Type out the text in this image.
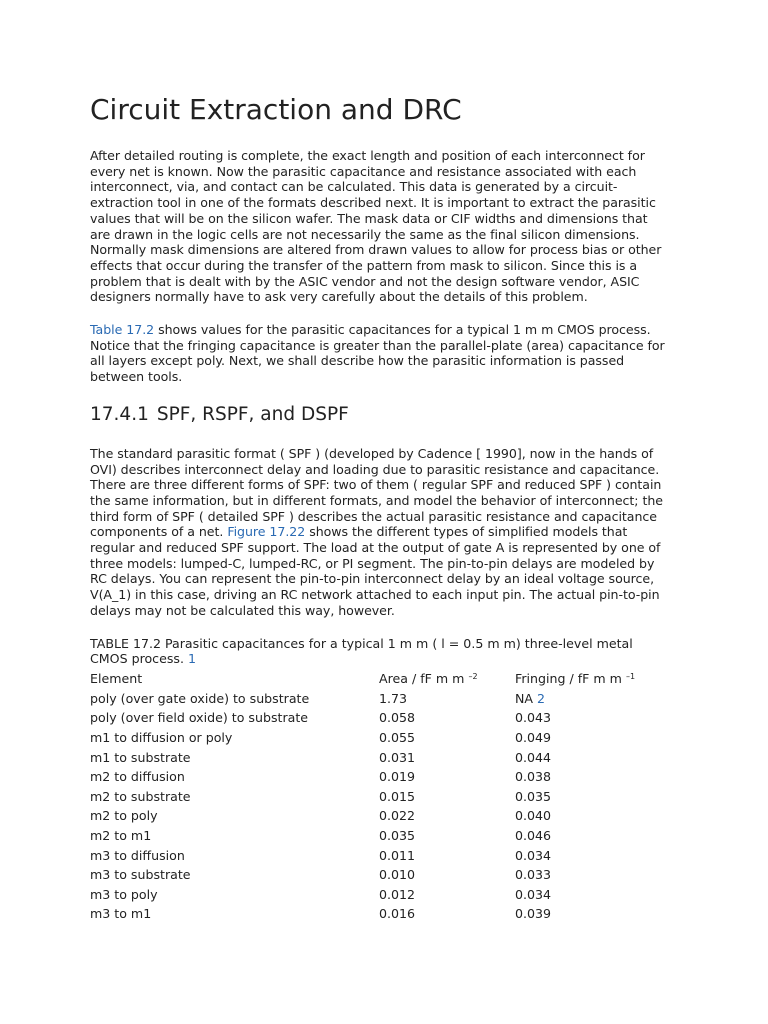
Circuit Extraction and DRC

After detailed routing is complete, the exact length and position of each interconnect for
every net is known. Now the parasitic capacitance and resistance associated with each
interconnect, via, and contact can be calculated. This data is generated by a circuit-
extraction tool in one of the formats described next. It is important to extract the parasitic
values that will be on the silicon wafer. The mask data or CIF widths and dimensions that
are drawn in the logic cells are not necessarily the same as the final silicon dimensions.
Normally mask dimensions are altered from drawn values to allow for process bias or other
effects that occur during the transfer of the pattern from mask to silicon. Since this is a
problem that is dealt with by the ASIC vendor and not the design software vendor, ASIC
designers normally have to ask very carefully about the details of this problem.

Table 17.2 shows values for the parasitic capacitances for a typical 1 m m CMOS process.
Notice that the fringing capacitance is greater than the parallel-plate (area) capacitance for
all layers except poly. Next, we shall describe how the parasitic information is passed
between tools.

17.4.1 SPF, RSPF, and DSPF

The standard parasitic format ( SPF ) (developed by Cadence [ 1990], now in the hands of
OVI) describes interconnect delay and loading due to parasitic resistance and capacitance.
There are three different forms of SPF: two of them ( regular SPF and reduced SPF ) contain
the same information, but in different formats, and model the behavior of interconnect; the
third form of SPF ( detailed SPF ) describes the actual parasitic resistance and capacitance
components of a net. Figure 17.22 shows the different types of simplified models that
regular and reduced SPF support. The load at the output of gate A is represented by one of
three models: lumped-C, lumped-RC, or PI segment. The pin-to-pin delays are modeled by
RC delays. You can represent the pin-to-pin interconnect delay by an ideal voltage source,
V(A_1) in this case, driving an RC network attached to each input pin. The actual pin-to-pin
delays may not be calculated this way, however.

TABLE 17.2 Parasitic capacitances for a typical 1 m m ( l = 0.5 m m) three-level metal
CMOS process. 1
Element	Area / fF m m $^{-2}$	Fringing / fF m m $^{-1}$
poly (over gate oxide) to substrate	1.73	NA 2
poly (over field oxide) to substrate	0.058	0.043
m1 to diffusion or poly	0.055	0.049
m1 to substrate	0.031	0.044
m2 to diffusion	0.019	0.038
m2 to substrate	0.015	0.035
m2 to poly	0.022	0.040
m2 to m1	0.035	0.046
m3 to diffusion	0.011	0.034
m3 to substrate	0.010	0.033
m3 to poly	0.012	0.034
m3 to m1	0.016	0.039
